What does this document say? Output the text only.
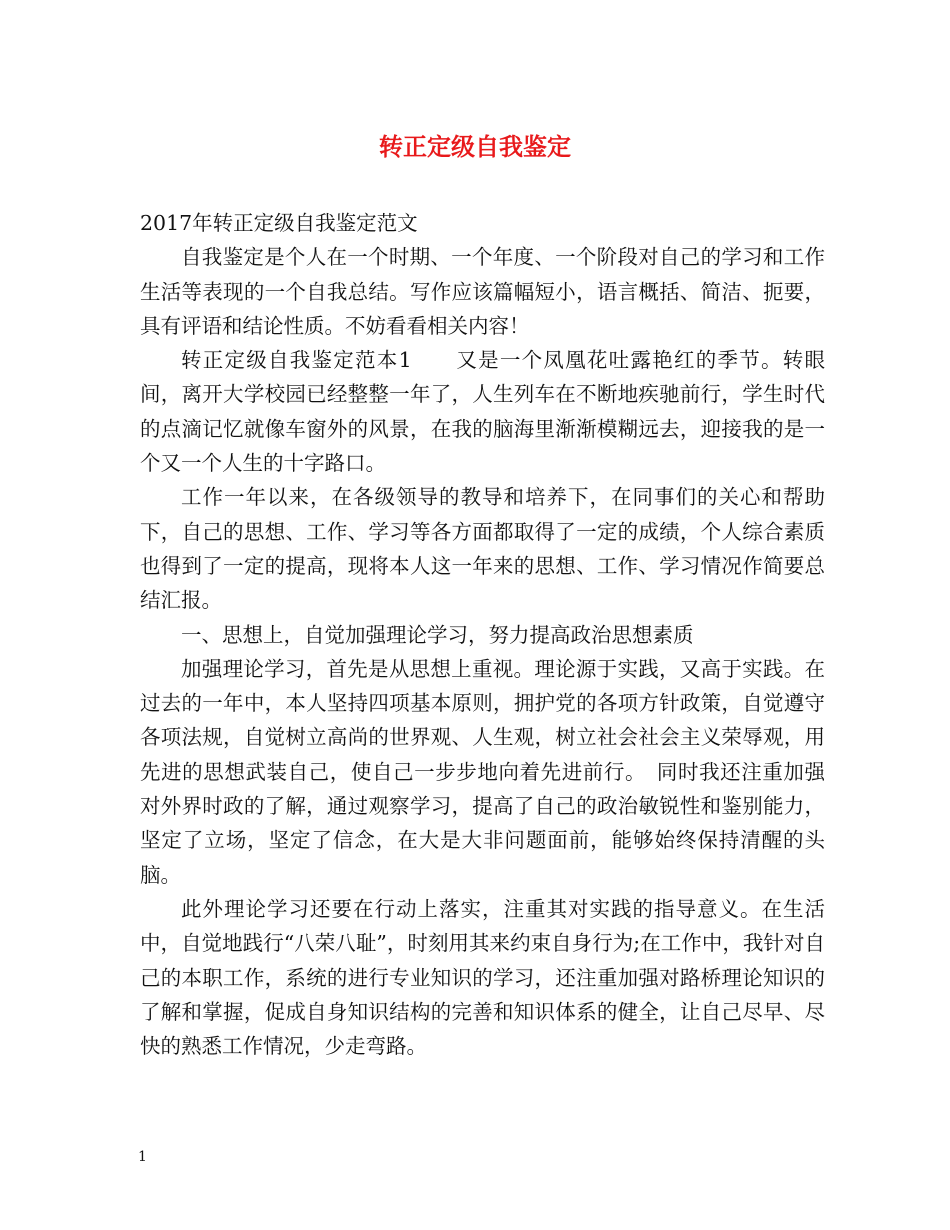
转正定级自我鉴定

2017年转正定级自我鉴定范文

自我鉴定是个人在一个时期、一个年度、一个阶段对自己的学习和工作生活等表现的一个自我总结。写作应该篇幅短小，语言概括、简洁、扼要，具有评语和结论性质。不妨看看相关内容！

转正定级自我鉴定范本1　　又是一个凤凰花吐露艳红的季节。转眼间，离开大学校园已经整整一年了，人生列车在不断地疾驰前行，学生时代的点滴记忆就像车窗外的风景，在我的脑海里渐渐模糊远去，迎接我的是一个又一个人生的十字路口。

工作一年以来，在各级领导的教导和培养下，在同事们的关心和帮助下，自己的思想、工作、学习等各方面都取得了一定的成绩，个人综合素质也得到了一定的提高，现将本人这一年来的思想、工作、学习情况作简要总结汇报。

一、思想上，自觉加强理论学习，努力提高政治思想素质

加强理论学习，首先是从思想上重视。理论源于实践，又高于实践。在过去的一年中，本人坚持四项基本原则，拥护党的各项方针政策，自觉遵守各项法规，自觉树立高尚的世界观、人生观，树立社会社会主义荣辱观，用先进的思想武装自己，使自己一步步地向着先进前行。　同时我还注重加强对外界时政的了解，通过观察学习，提高了自己的政治敏锐性和鉴别能力，坚定了立场，坚定了信念，在大是大非问题面前，能够始终保持清醒的头脑。

此外理论学习还要在行动上落实，注重其对实践的指导意义。在生活中，自觉地践行“八荣八耻”，时刻用其来约束自身行为;在工作中，我针对自己的本职工作，系统的进行专业知识的学习，还注重加强对路桥理论知识的了解和掌握，促成自身知识结构的完善和知识体系的健全，让自己尽早、尽快的熟悉工作情况，少走弯路。

1
